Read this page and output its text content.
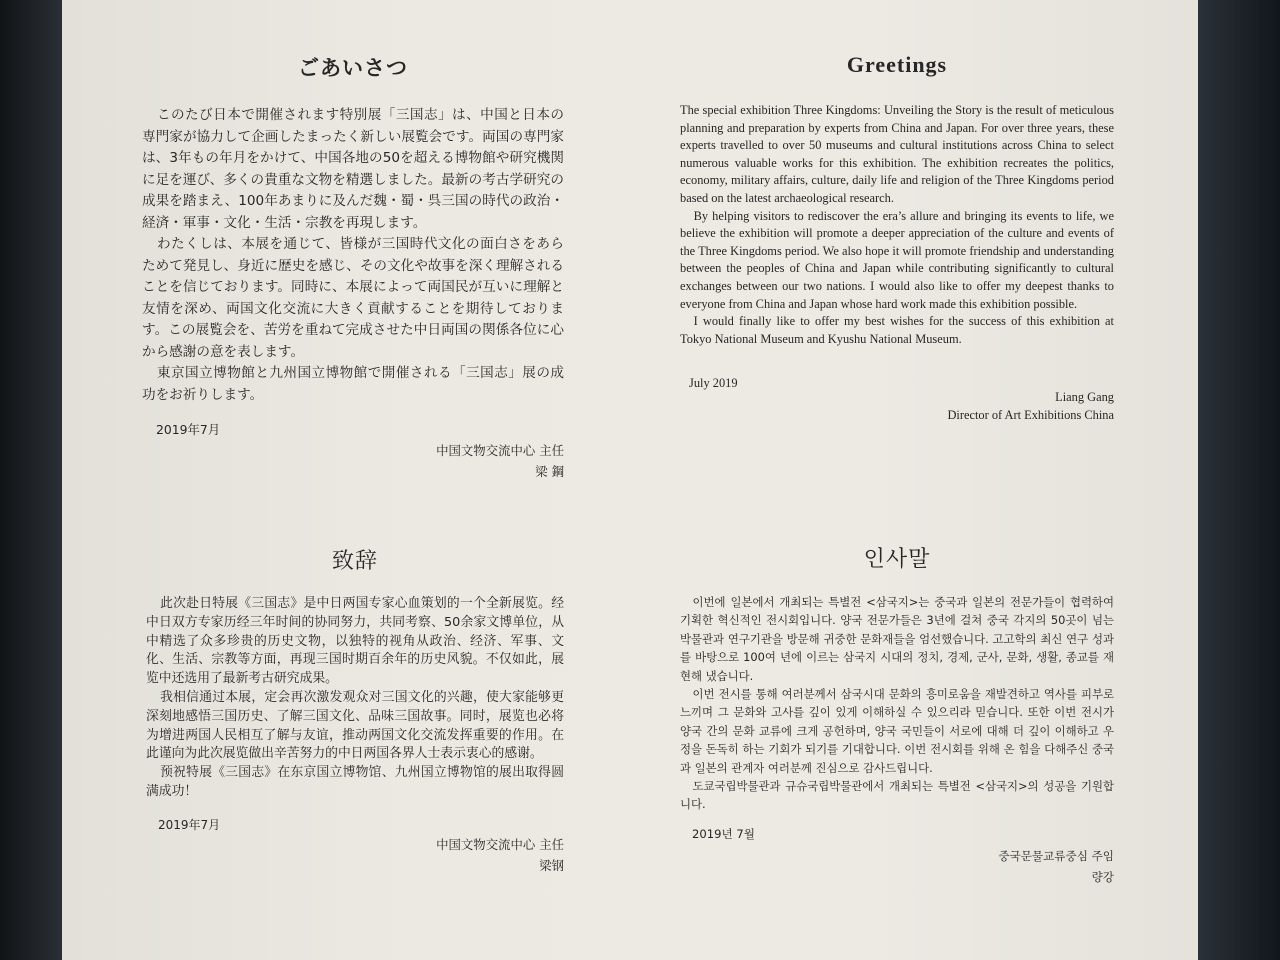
ごあいさつ

このたび日本で開催されます特別展「三国志」は、中国と日本の専門家が協力して企画したまったく新しい展覧会です。両国の専門家は、3年もの年月をかけて、中国各地の50を超える博物館や研究機関に足を運び、多くの貴重な文物を精選しました。最新の考古学研究の成果を踏まえ、100年あまりに及んだ魏・蜀・呉三国の時代の政治・経済・軍事・文化・生活・宗教を再現します。

わたくしは、本展を通じて、皆様が三国時代文化の面白さをあらためて発見し、身近に歴史を感じ、その文化や故事を深く理解されることを信じております。同時に、本展によって両国民が互いに理解と友情を深め、両国文化交流に大きく貢献することを期待しております。この展覧会を、苦労を重ねて完成させた中日両国の関係各位に心から感謝の意を表します。

東京国立博物館と九州国立博物館で開催される「三国志」展の成功をお祈りします。

2019年7月
中国文物交流中心 主任
梁 鋼
Greetings

The special exhibition Three Kingdoms: Unveiling the Story is the result of meticulous planning and preparation by experts from China and Japan. For over three years, these experts travelled to over 50 museums and cultural institutions across China to select numerous valuable works for this exhibition. The exhibition recreates the politics, economy, military affairs, culture, daily life and religion of the Three Kingdoms period based on the latest archaeological research.

By helping visitors to rediscover the era’s allure and bringing its events to life, we believe the exhibition will promote a deeper appreciation of the culture and events of the Three Kingdoms period. We also hope it will promote friendship and understanding between the peoples of China and Japan while contributing significantly to cultural exchanges between our two nations. I would also like to offer my deepest thanks to everyone from China and Japan whose hard work made this exhibition possible.

I would finally like to offer my best wishes for the success of this exhibition at Tokyo National Museum and Kyushu National Museum.

July 2019
Liang Gang
Director of Art Exhibitions China
致辞

此次赴日特展《三国志》是中日两国专家心血策划的一个全新展览。经中日双方专家历经三年时间的协同努力，共同考察、50余家文博单位，从中精选了众多珍贵的历史文物，以独特的视角从政治、经济、军事、文化、生活、宗教等方面，再现三国时期百余年的历史风貌。不仅如此，展览中还选用了最新考古研究成果。

我相信通过本展，定会再次激发观众对三国文化的兴趣，使大家能够更深刻地感悟三国历史、了解三国文化、品味三国故事。同时，展览也必将为增进两国人民相互了解与友谊，推动两国文化交流发挥重要的作用。在此谨向为此次展览做出辛苦努力的中日两国各界人士表示衷心的感谢。

预祝特展《三国志》在东京国立博物馆、九州国立博物馆的展出取得圆满成功！

2019年7月
中国文物交流中心 主任
梁钢
인사말

이번에 일본에서 개최되는 특별전 <삼국지>는 중국과 일본의 전문가들이 협력하여 기획한 혁신적인 전시회입니다. 양국 전문가들은 3년에 걸쳐 중국 각지의 50곳이 넘는 박물관과 연구기관을 방문해 귀중한 문화재들을 엄선했습니다. 고고학의 최신 연구 성과를 바탕으로 100여 년에 이르는 삼국지 시대의 정치, 경제, 군사, 문화, 생활, 종교를 재현해 냈습니다.

이번 전시를 통해 여러분께서 삼국시대 문화의 흥미로움을 재발견하고 역사를 피부로 느끼며 그 문화와 고사를 깊이 있게 이해하실 수 있으리라 믿습니다. 또한 이번 전시가 양국 간의 문화 교류에 크게 공헌하며, 양국 국민들이 서로에 대해 더 깊이 이해하고 우정을 돈독히 하는 기회가 되기를 기대합니다. 이번 전시회를 위해 온 힘을 다해주신 중국과 일본의 관계자 여러분께 진심으로 감사드립니다.

도쿄국립박물관과 규슈국립박물관에서 개최되는 특별전 <삼국지>의 성공을 기원합니다.

2019년 7월
중국문물교류중심 주임
량강
